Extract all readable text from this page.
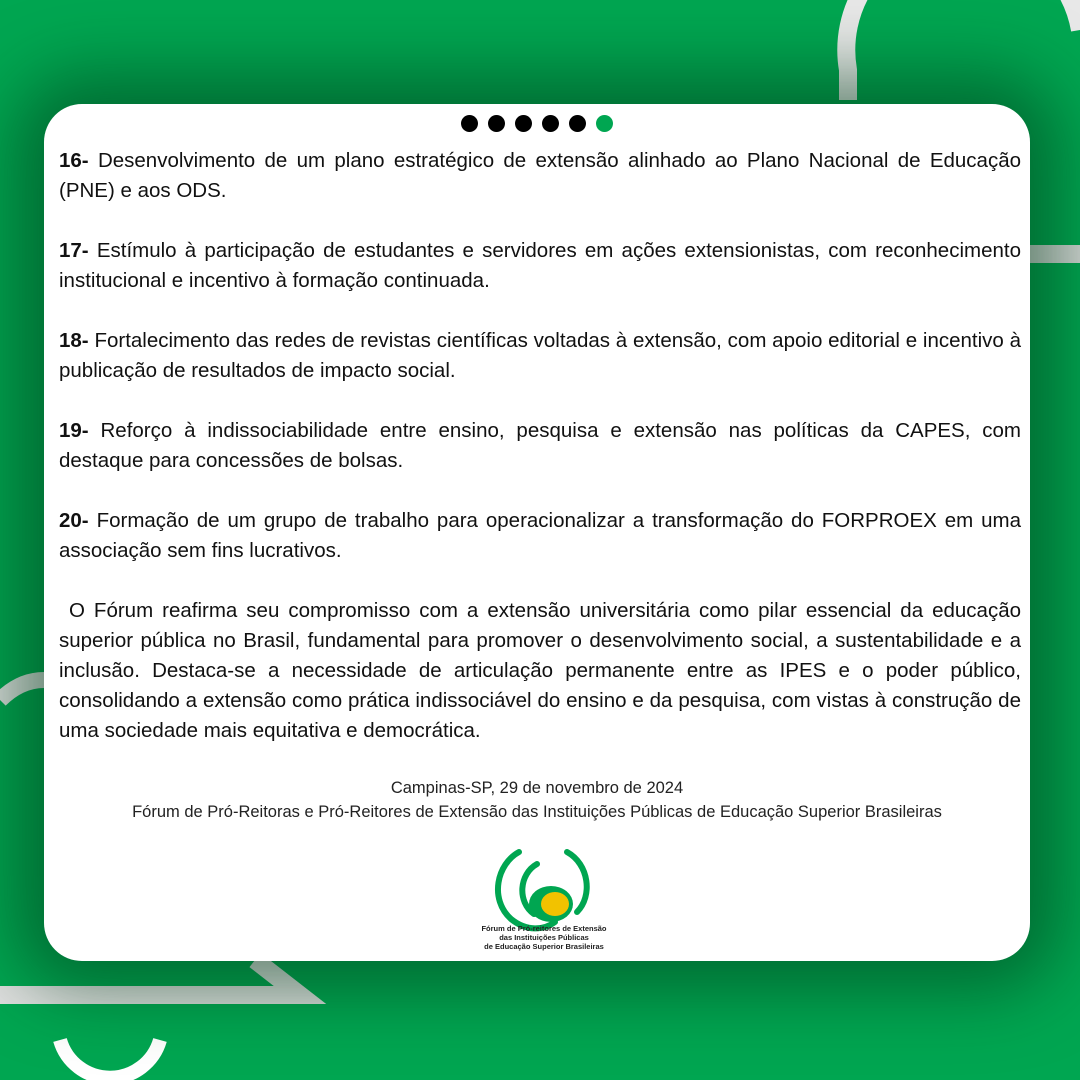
16- Desenvolvimento de um plano estratégico de extensão alinhado ao Plano Nacional de Educação (PNE) e aos ODS.

17- Estímulo à participação de estudantes e servidores em ações extensionistas, com reconhecimento institucional e incentivo à formação continuada.

18- Fortalecimento das redes de revistas científicas voltadas à extensão, com apoio editorial e incentivo à publicação de resultados de impacto social.

19- Reforço à indissociabilidade entre ensino, pesquisa e extensão nas políticas da CAPES, com destaque para concessões de bolsas.

20- Formação de um grupo de trabalho para operacionalizar a transformação do FORPROEX em uma associação sem fins lucrativos.

O Fórum reafirma seu compromisso com a extensão universitária como pilar essencial da educação superior pública no Brasil, fundamental para promover o desenvolvimento social, a sustentabilidade e a inclusão. Destaca-se a necessidade de articulação permanente entre as IPES e o poder público, consolidando a extensão como prática indissociável do ensino e da pesquisa, com vistas à construção de uma sociedade mais equitativa e democrática.

Campinas-SP, 29 de novembro de 2024
Fórum de Pró-Reitoras e Pró-Reitores de Extensão das Instituições Públicas de Educação Superior Brasileiras
Fórum de Pró-reitores de Extensão
das Instituições Públicas
de Educação Superior Brasileiras
